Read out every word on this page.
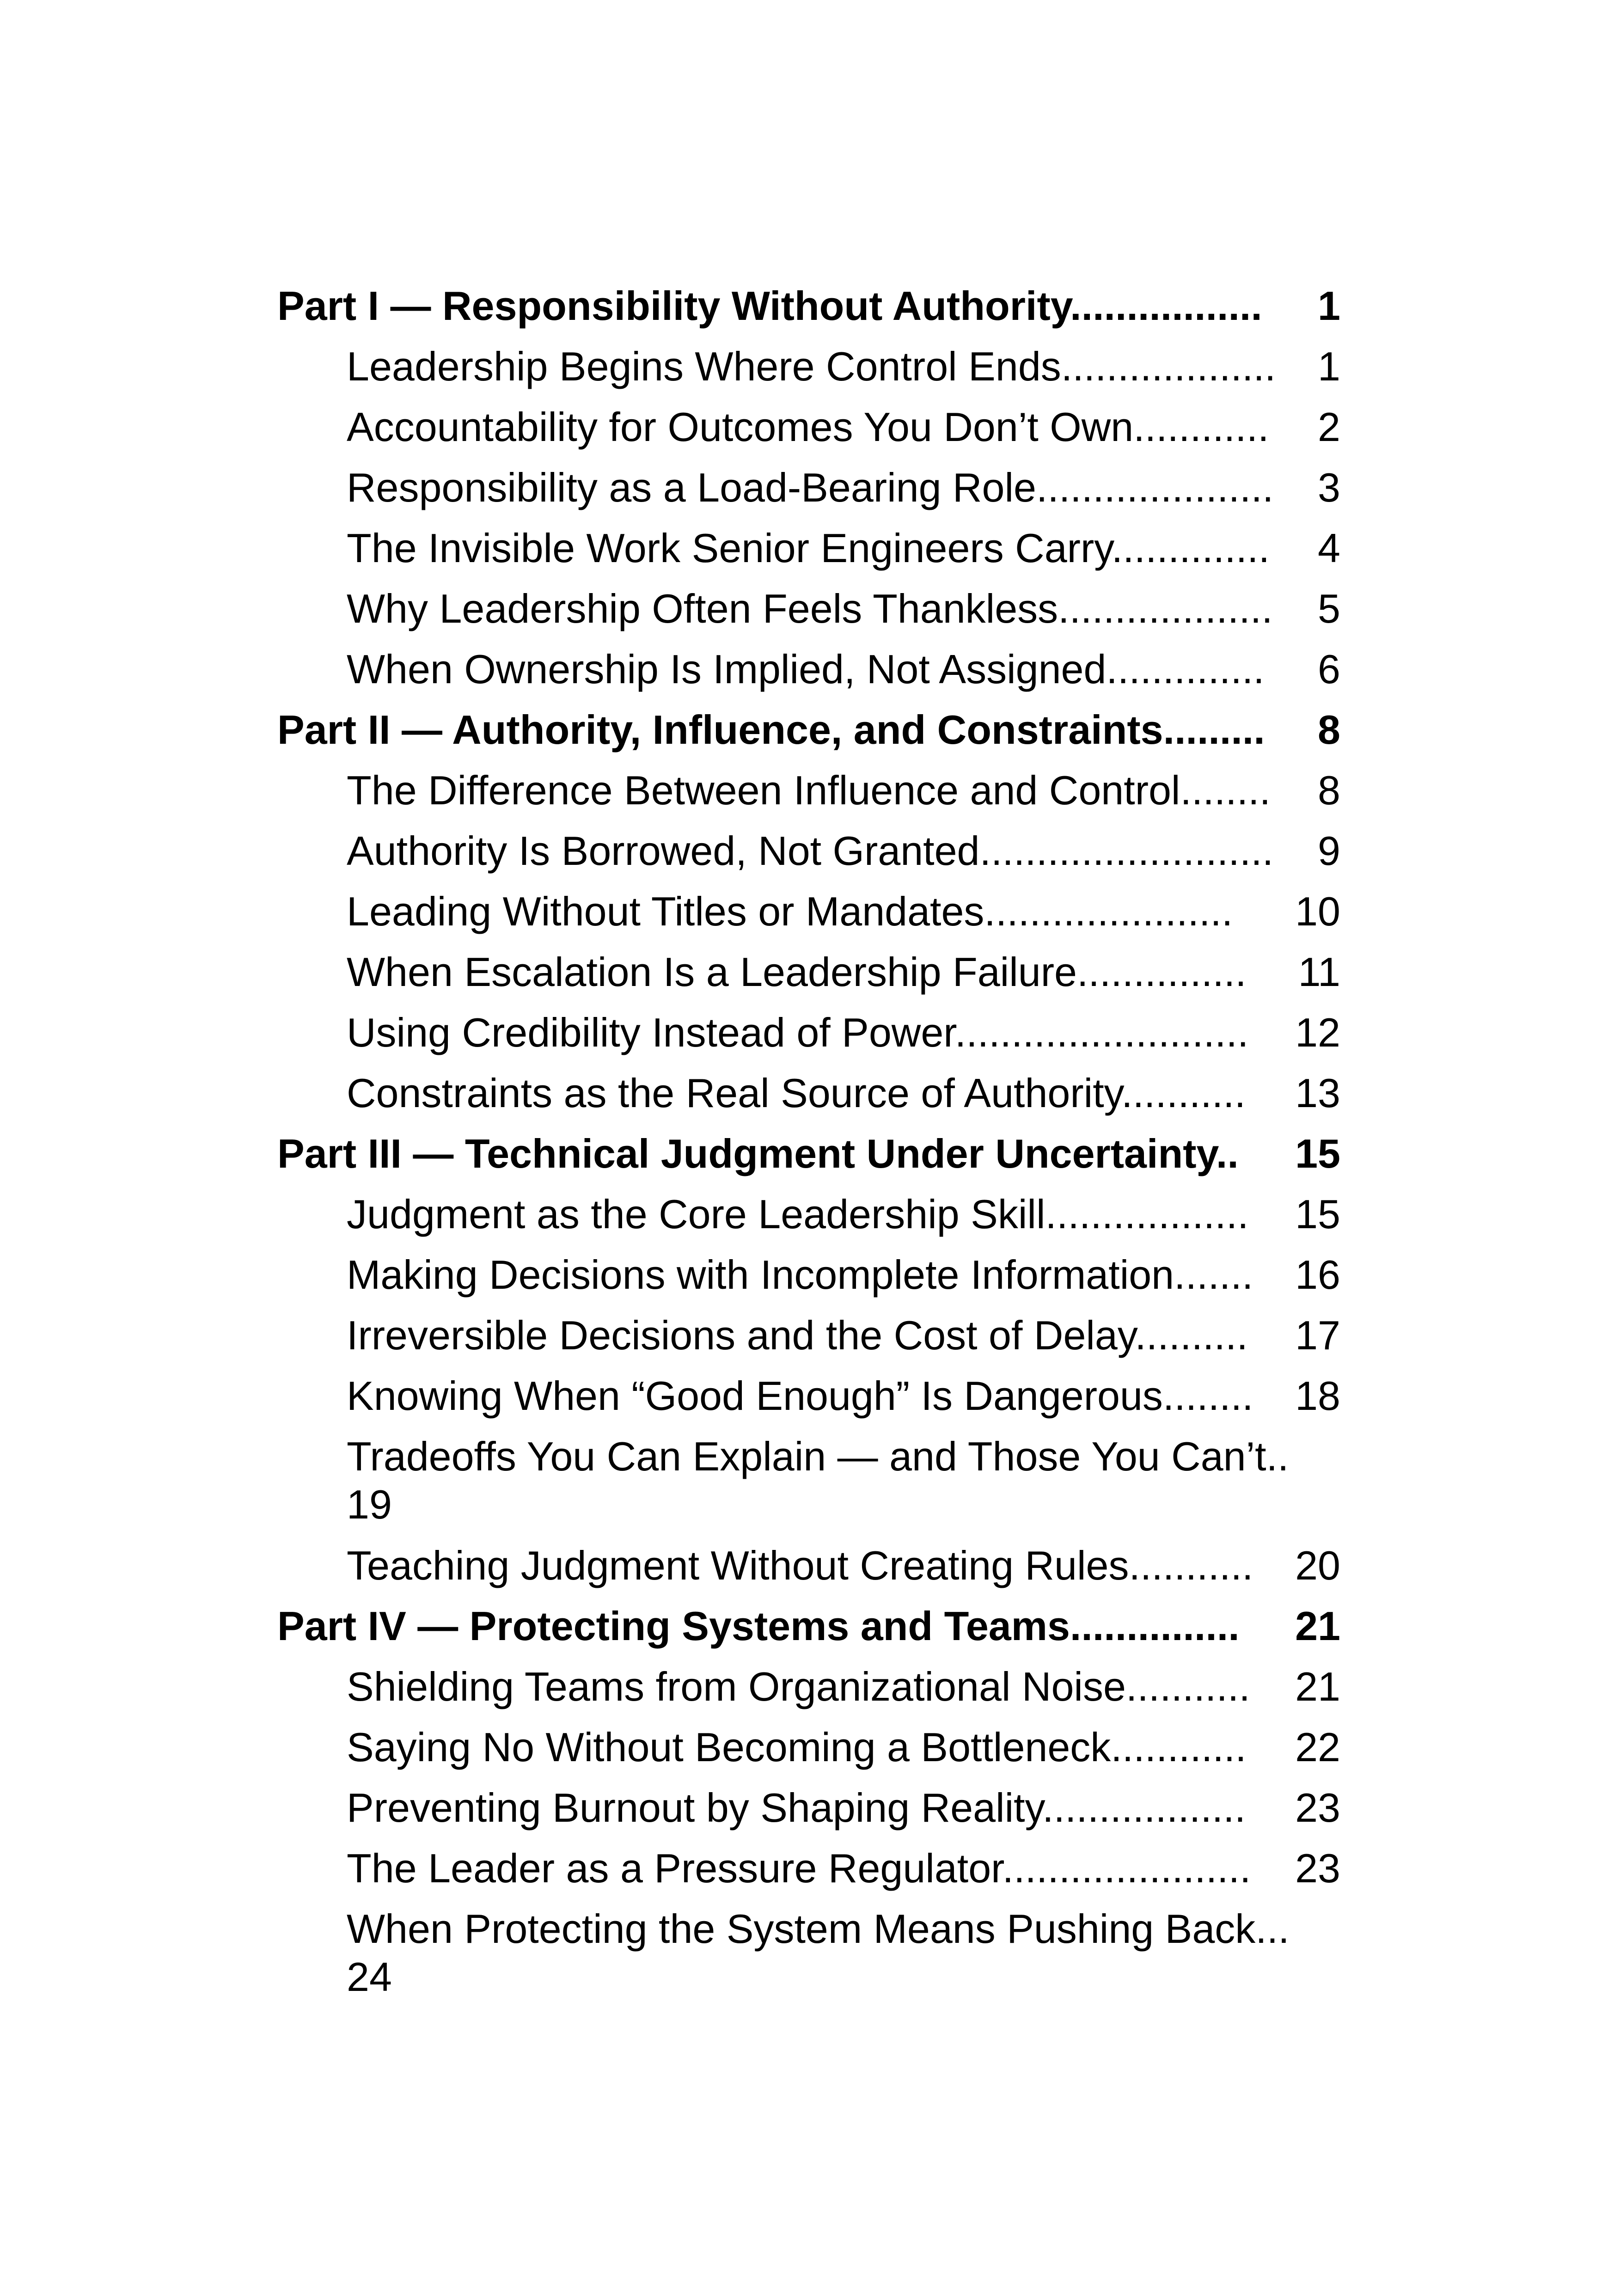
Part I — Responsibility Without Authority................. 1
Leadership Begins Where Control Ends................... 1
Accountability for Outcomes You Don’t Own............ 2
Responsibility as a Load-Bearing Role..................... 3
The Invisible Work Senior Engineers Carry.............. 4
Why Leadership Often Feels Thankless................... 5
When Ownership Is Implied, Not Assigned.............. 6
Part II — Authority, Influence, and Constraints......... 8
The Difference Between Influence and Control........ 8
Authority Is Borrowed, Not Granted.......................... 9
Leading Without Titles or Mandates...................... 10
When Escalation Is a Leadership Failure............... 11
Using Credibility Instead of Power.......................... 12
Constraints as the Real Source of Authority........... 13
Part III — Technical Judgment Under Uncertainty.. 15
Judgment as the Core Leadership Skill.................. 15
Making Decisions with Incomplete Information....... 16
Irreversible Decisions and the Cost of Delay.......... 17
Knowing When “Good Enough” Is Dangerous........ 18
Tradeoffs You Can Explain — and Those You Can’t..
19
Teaching Judgment Without Creating Rules........... 20
Part IV — Protecting Systems and Teams............... 21
Shielding Teams from Organizational Noise........... 21
Saying No Without Becoming a Bottleneck............ 22
Preventing Burnout by Shaping Reality.................. 23
The Leader as a Pressure Regulator...................... 23
When Protecting the System Means Pushing Back...
24
